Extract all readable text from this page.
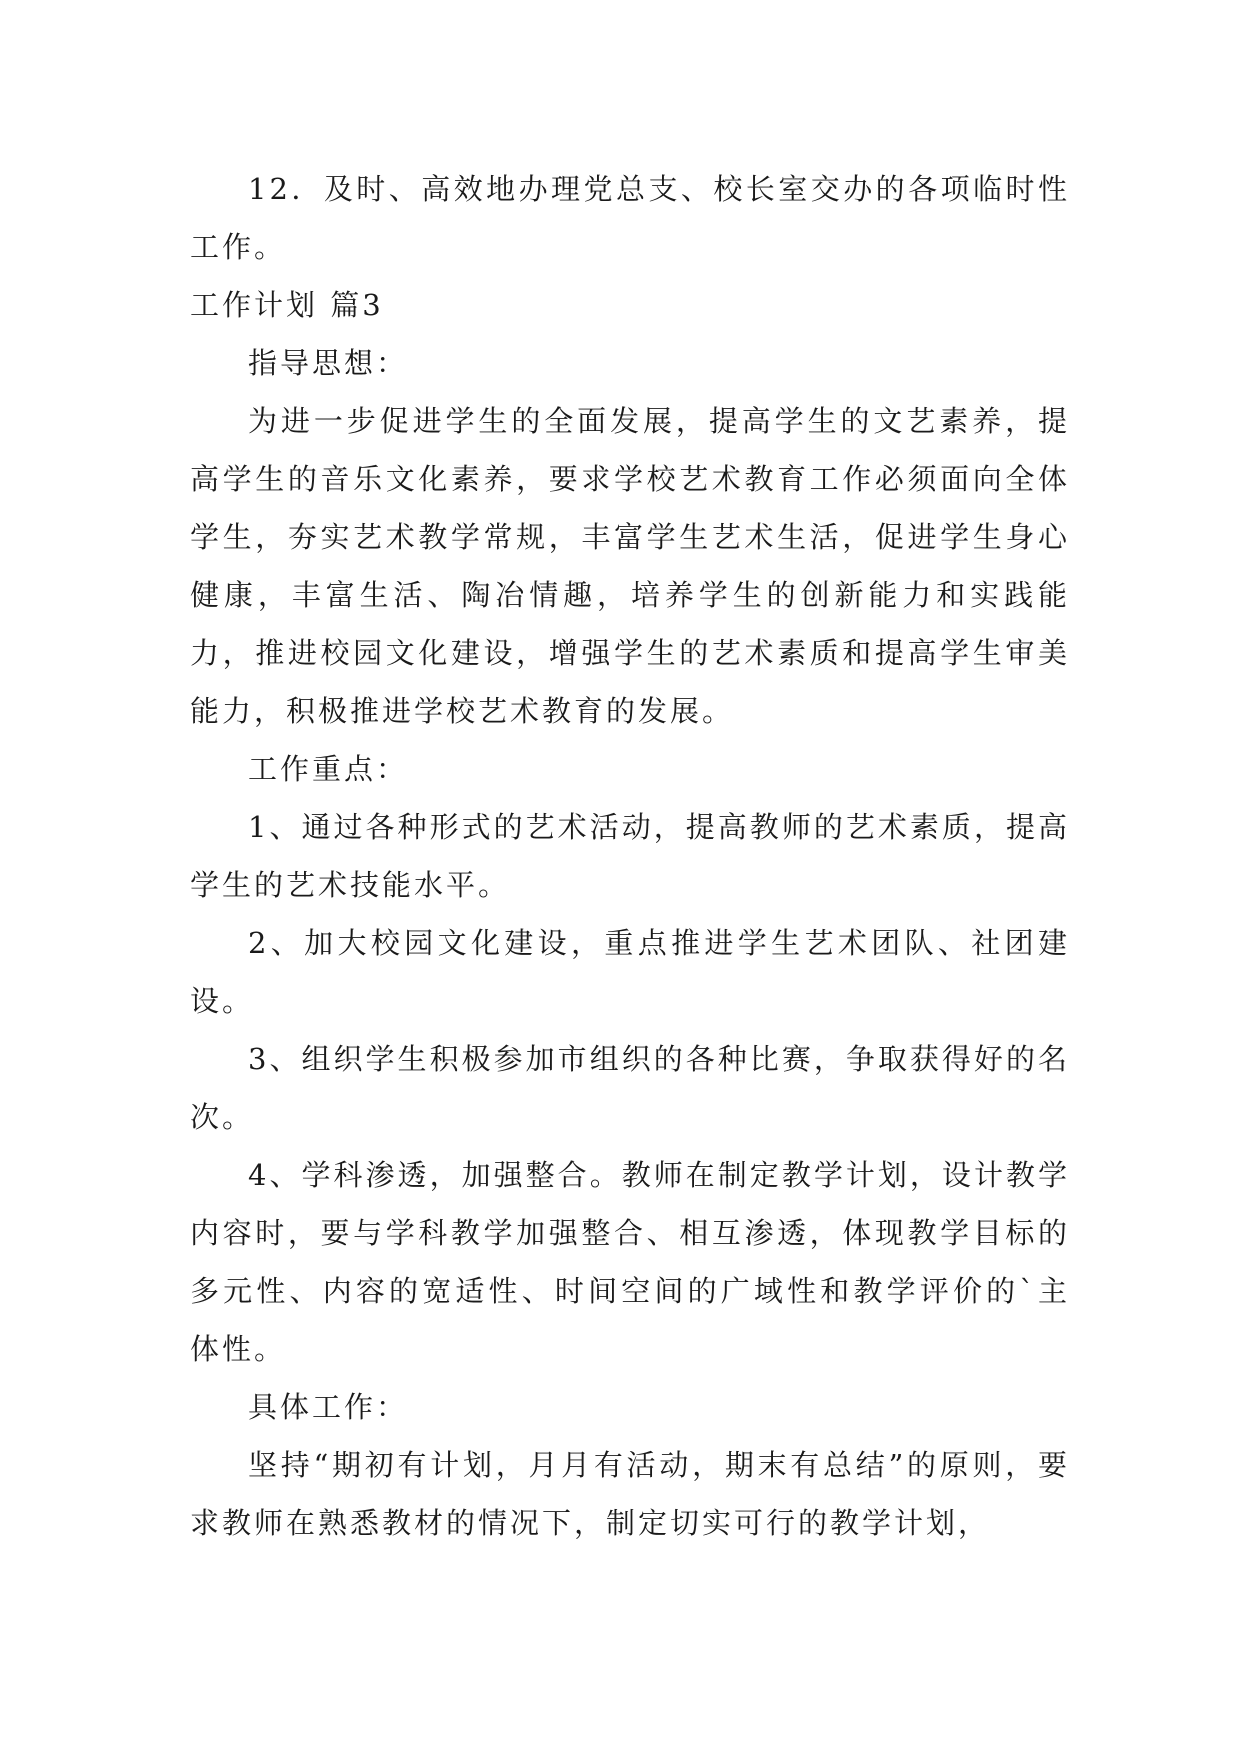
12．及时、高效地办理党总支、校长室交办的各项临时性工作。

工作计划 篇3

指导思想：

为进一步促进学生的全面发展，提高学生的文艺素养，提高学生的音乐文化素养，要求学校艺术教育工作必须面向全体学生，夯实艺术教学常规，丰富学生艺术生活，促进学生身心健康，丰富生活、陶冶情趣，培养学生的创新能力和实践能力，推进校园文化建设，增强学生的艺术素质和提高学生审美能力，积极推进学校艺术教育的发展。

工作重点：

1、通过各种形式的艺术活动，提高教师的艺术素质，提高学生的艺术技能水平。

2、加大校园文化建设，重点推进学生艺术团队、社团建设。

3、组织学生积极参加市组织的各种比赛，争取获得好的名次。

4、学科渗透，加强整合。教师在制定教学计划，设计教学内容时，要与学科教学加强整合、相互渗透，体现教学目标的多元性、内容的宽适性、时间空间的广域性和教学评价的`主体性。

具体工作：

坚持“期初有计划，月月有活动，期末有总结”的原则，要求教师在熟悉教材的情况下，制定切实可行的教学计划，
